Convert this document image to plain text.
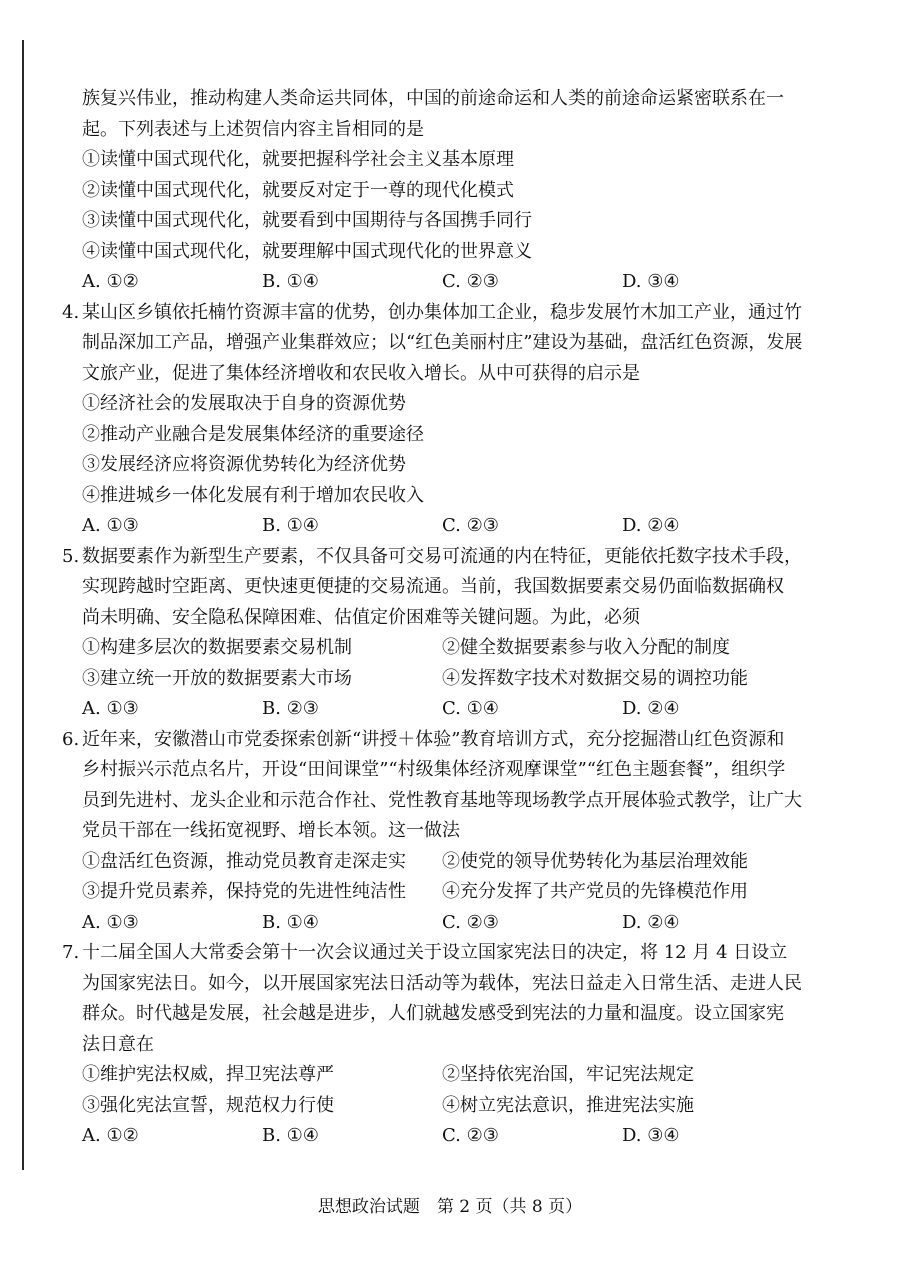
族复兴伟业，推动构建人类命运共同体，中国的前途命运和人类的前途命运紧密联系在一
起。下列表述与上述贺信内容主旨相同的是
①读懂中国式现代化，就要把握科学社会主义基本原理
②读懂中国式现代化，就要反对定于一尊的现代化模式
③读懂中国式现代化，就要看到中国期待与各国携手同行
④读懂中国式现代化，就要理解中国式现代化的世界意义
A. ①②	B. ①④	C. ②③	D. ③④
4. 某山区乡镇依托楠竹资源丰富的优势，创办集体加工企业，稳步发展竹木加工产业，通过竹
制品深加工产品，增强产业集群效应；以“红色美丽村庄”建设为基础，盘活红色资源，发展
文旅产业，促进了集体经济增收和农民收入增长。从中可获得的启示是
①经济社会的发展取决于自身的资源优势
②推动产业融合是发展集体经济的重要途径
③发展经济应将资源优势转化为经济优势
④推进城乡一体化发展有利于增加农民收入
A. ①③	B. ①④	C. ②③	D. ②④
5. 数据要素作为新型生产要素，不仅具备可交易可流通的内在特征，更能依托数字技术手段，
实现跨越时空距离、更快速更便捷的交易流通。当前，我国数据要素交易仍面临数据确权
尚未明确、安全隐私保障困难、估值定价困难等关键问题。为此，必须
①构建多层次的数据要素交易机制	②健全数据要素参与收入分配的制度
③建立统一开放的数据要素大市场	④发挥数字技术对数据交易的调控功能
A. ①③	B. ②③	C. ①④	D. ②④
6. 近年来，安徽潜山市党委探索创新“讲授＋体验”教育培训方式，充分挖掘潜山红色资源和
乡村振兴示范点名片，开设“田间课堂”“村级集体经济观摩课堂”“红色主题套餐”，组织学
员到先进村、龙头企业和示范合作社、党性教育基地等现场教学点开展体验式教学，让广大
党员干部在一线拓宽视野、增长本领。这一做法
①盘活红色资源，推动党员教育走深走实	②使党的领导优势转化为基层治理效能
③提升党员素养，保持党的先进性纯洁性	④充分发挥了共产党员的先锋模范作用
A. ①③	B. ①④	C. ②③	D. ②④
7. 十二届全国人大常委会第十一次会议通过关于设立国家宪法日的决定，将 12 月 4 日设立
为国家宪法日。如今，以开展国家宪法日活动等为载体，宪法日益走入日常生活、走进人民
群众。时代越是发展，社会越是进步，人们就越发感受到宪法的力量和温度。设立国家宪
法日意在
①维护宪法权威，捍卫宪法尊严	②坚持依宪治国，牢记宪法规定
③强化宪法宣誓，规范权力行使	④树立宪法意识，推进宪法实施
A. ①②	B. ①④	C. ②③	D. ③④
思想政治试题　第 2 页（共 8 页）
